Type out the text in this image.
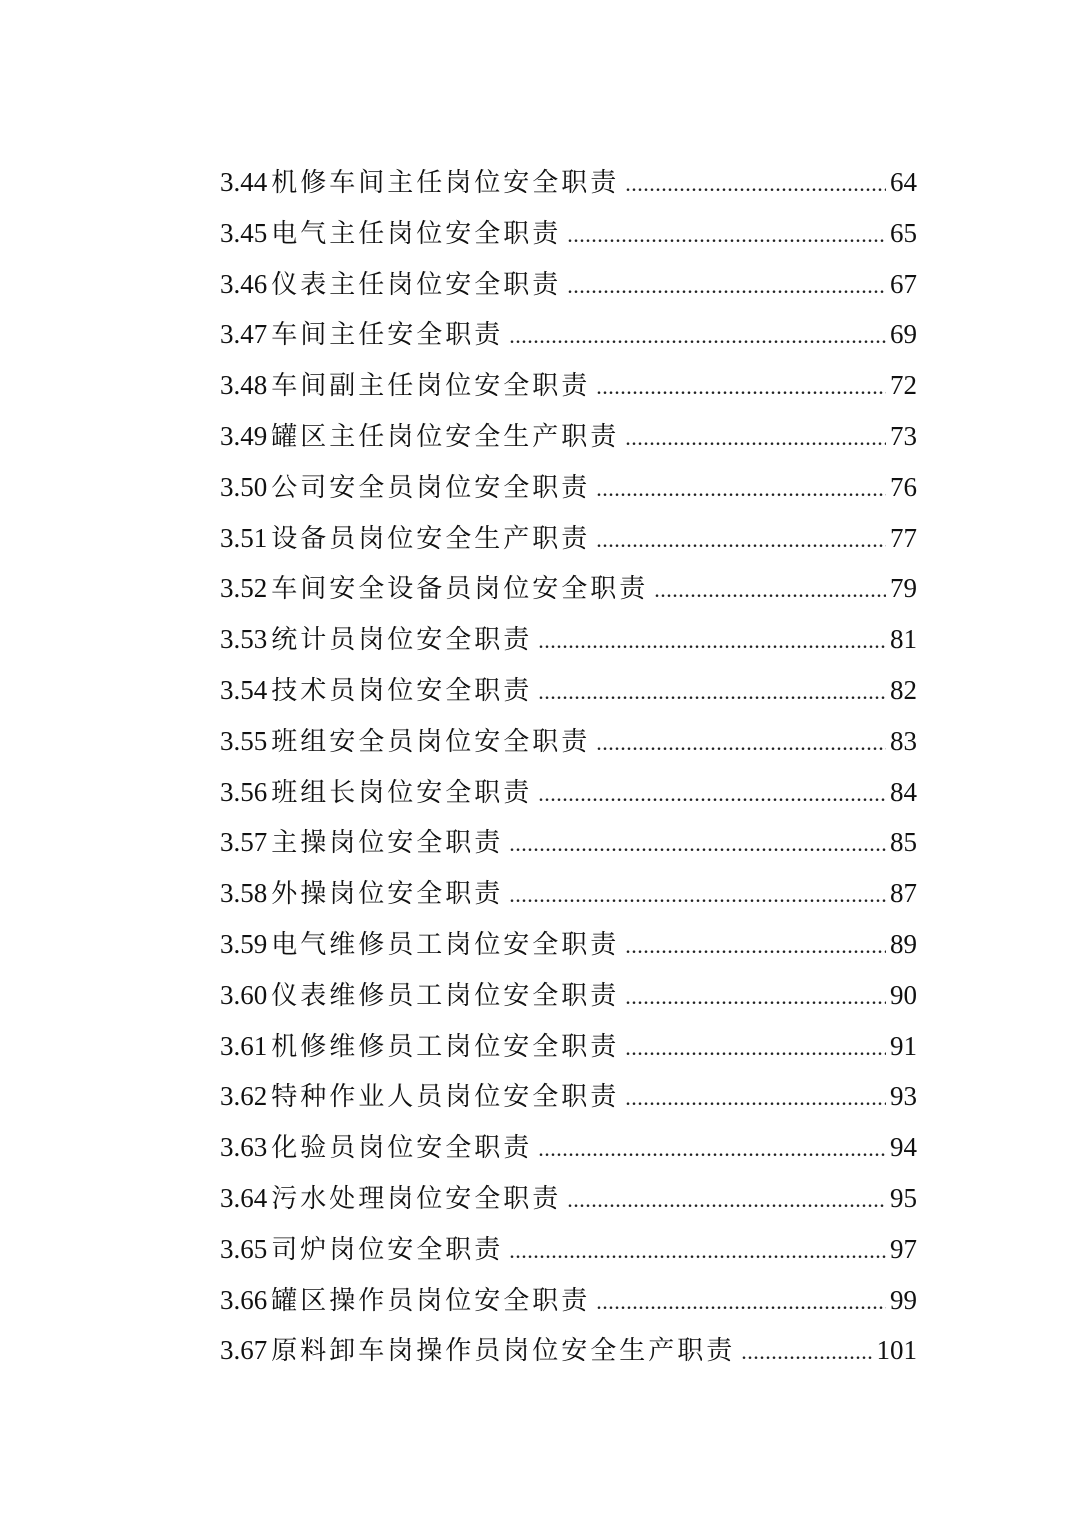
3.44 机修车间主任岗位安全职责 .....	64
3.45 电气主任岗位安全职责 .....	65
3.46 仪表主任岗位安全职责 .....	67
3.47 车间主任安全职责 .....	69
3.48 车间副主任岗位安全职责 .....	72
3.49 罐区主任岗位安全生产职责 .....	73
3.50 公司安全员岗位安全职责 .....	76
3.51 设备员岗位安全生产职责 .....	77
3.52 车间安全设备员岗位安全职责 .....	79
3.53 统计员岗位安全职责 .....	81
3.54 技术员岗位安全职责 .....	82
3.55 班组安全员岗位安全职责 .....	83
3.56 班组长岗位安全职责 .....	84
3.57 主操岗位安全职责 .....	85
3.58 外操岗位安全职责 .....	87
3.59 电气维修员工岗位安全职责 .....	89
3.60 仪表维修员工岗位安全职责 .....	90
3.61 机修维修员工岗位安全职责 .....	91
3.62 特种作业人员岗位安全职责 .....	93
3.63 化验员岗位安全职责 .....	94
3.64 污水处理岗位安全职责 .....	95
3.65 司炉岗位安全职责 .....	97
3.66 罐区操作员岗位安全职责 .....	99
3.67 原料卸车岗操作员岗位安全生产职责 .....	101
